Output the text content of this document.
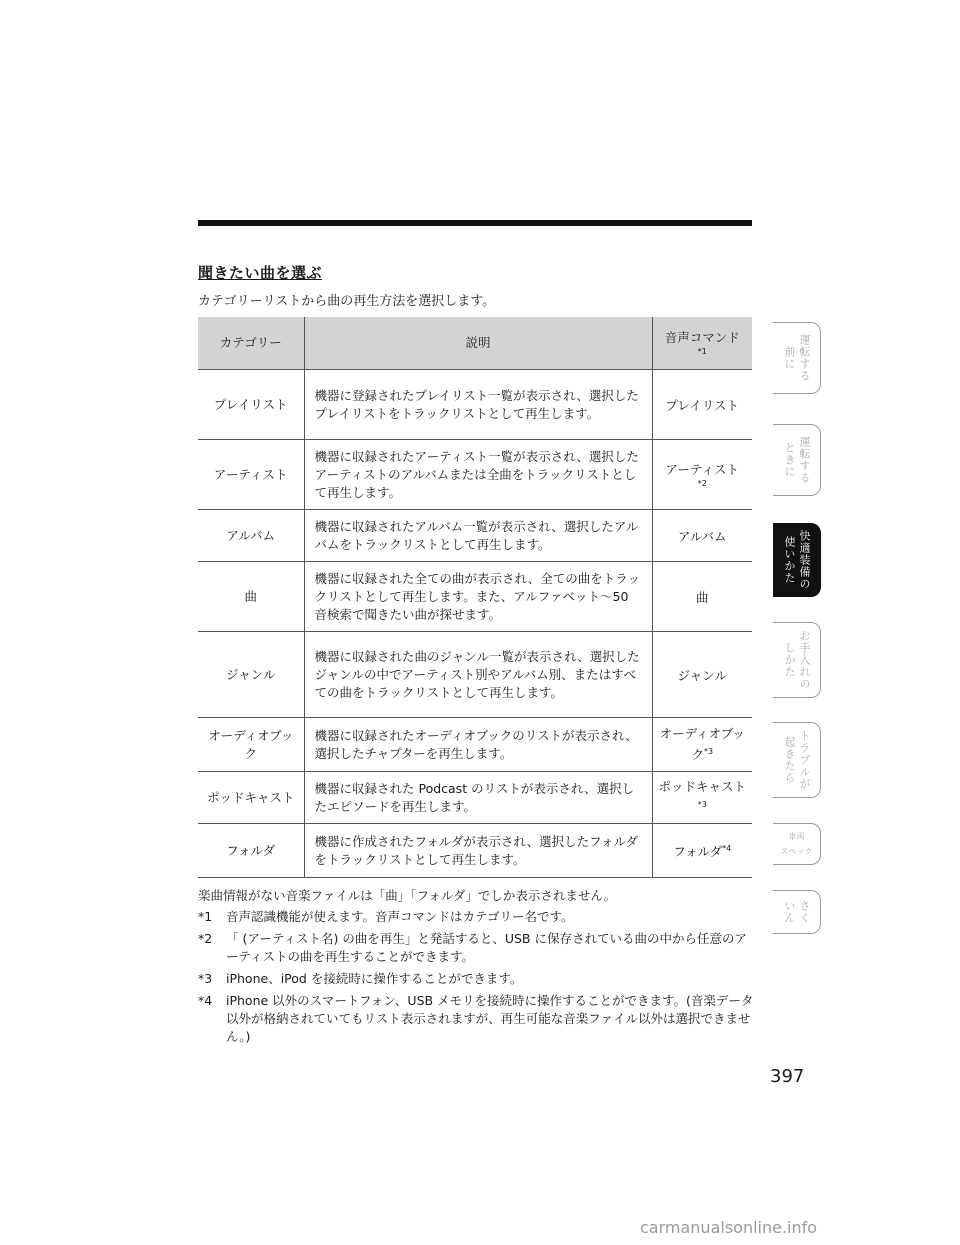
聞きたい曲を選ぶ
カテゴリーリストから曲の再生方法を選択します。
カテゴリー	説明	音声コマンド
*1

プレイリスト	機器に登録されたプレイリスト一覧が表示され、選択したプレイリストをトラックリストとして再生します。	プレイリスト
アーティスト	機器に収録されたアーティスト一覧が表示され、選択したアーティストのアルバムまたは全曲をトラックリストとして再生します。	アーティスト
*2

アルバム	機器に収録されたアルバム一覧が表示され、選択したアルバムをトラックリストとして再生します。	アルバム
曲	機器に収録された全ての曲が表示され、全ての曲をトラックリストとして再生します。また、アルファベット～50 音検索で聞きたい曲が探せます。	曲
ジャンル	機器に収録された曲のジャンル一覧が表示され、選択したジャンルの中でアーティスト別やアルバム別、またはすべての曲をトラックリストとして再生します。	ジャンル
オーディオブック	機器に収録されたオーディオブックのリストが表示され、選択したチャプターを再生します。	オーディオブック$^{*3}$
ポッドキャスト	機器に収録された Podcast のリストが表示され、選択したエピソードを再生します。	ポッドキャスト$^{*3}$
フォルダ	機器に作成されたフォルダが表示され、選択したフォルダをトラックリストとして再生します。	フォルダ$^{*4}$
楽曲情報がない音楽ファイルは「曲」「フォルダ」でしか表示されません。
*1	音声認識機能が使えます。音声コマンドはカテゴリー名です。
*2	「 (アーティスト名) の曲を再生」と発話すると、USB に保存されている曲の中から任意のアーティストの曲を再生することができます。
*3	iPhone、iPod を接続時に操作することができます。
*4	iPhone 以外のスマートフォン、USB メモリを接続時に操作することができます。(音楽データ以外が格納されていてもリスト表示されますが、再生可能な音楽ファイル以外は選択できません。)
397
運転する
前に
運転する
ときに
快適装備の
使いかた
お手入れの
しかた
トラブルが
起きたら
車両
スペック
さく
いん
carmanualsonline.info
